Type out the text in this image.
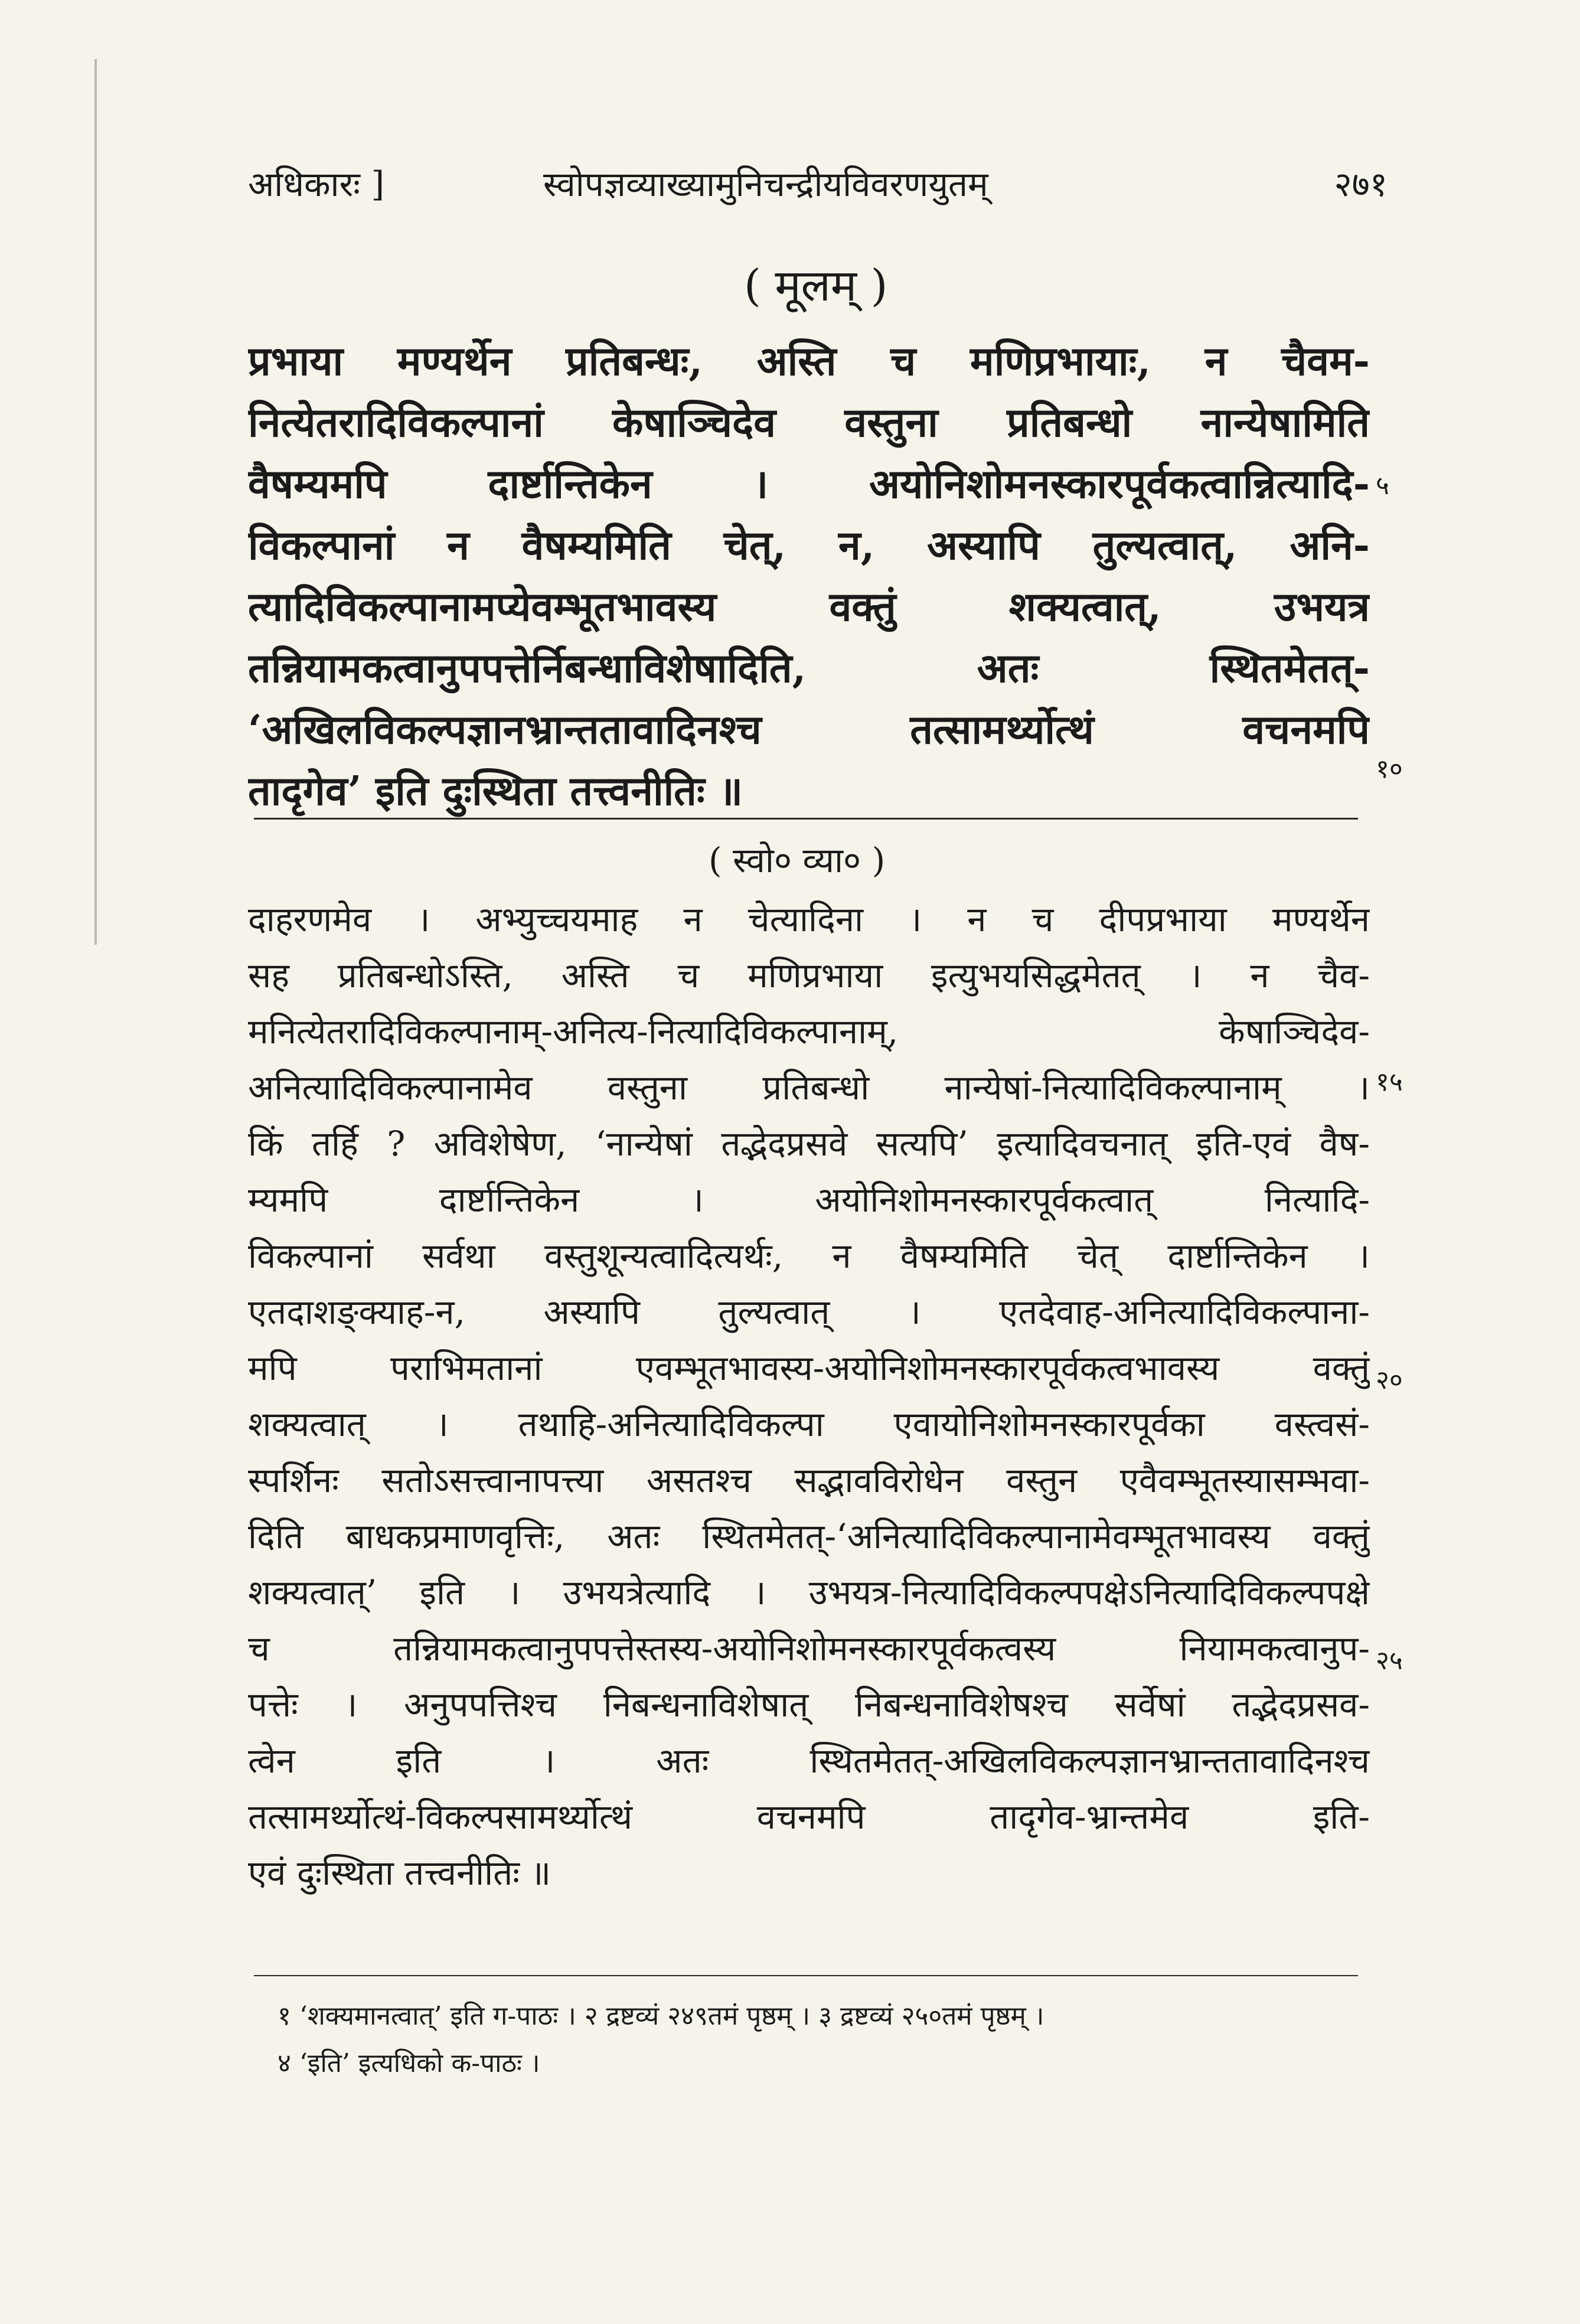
अधिकारः ]	स्वोपज्ञव्याख्यामुनिचन्द्रीयविवरणयुतम्	२७१
( मूलम् )
प्रभाया मण्यर्थेन प्रतिबन्धः, अस्ति च मणिप्रभायाः, न चैवम-
नित्येतरादिविकल्पानां केषाञ्चिदेव वस्तुना प्रतिबन्धो नान्येषामिति
वैषम्यमपि दार्ष्टान्तिकेन । अयोनिशोमनस्कारपूर्वकत्वान्नित्यादि-
विकल्पानां न वैषम्यमिति चेत्, न, अस्यापि तुल्यत्वात्, अनि-
त्यादिविकल्पानामप्येवम्भूतभावस्य वक्तुं शक्यत्वात्, उभयत्र
तन्नियामकत्वानुपपत्तेर्निबन्धाविशेषादिति, अतः स्थितमेतत्-
‘अखिलविकल्पज्ञानभ्रान्ततावादिनश्च तत्सामर्थ्योत्थं वचनमपि
तादृगेव’ इति दुःस्थिता तत्त्वनीतिः ॥
५
१०
( स्वो० व्या० )
दाहरणमेव । अभ्युच्चयमाह न चेत्यादिना । न च दीपप्रभाया मण्यर्थेन
सह प्रतिबन्धोऽस्ति, अस्ति च मणिप्रभाया इत्युभयसिद्धमेतत् । न चैव-
मनित्येतरादिविकल्पानाम्-अनित्य-नित्यादिविकल्पानाम्, केषाञ्चिदेव-
अनित्यादिविकल्पानामेव वस्तुना प्रतिबन्धो नान्येषां-नित्यादिविकल्पानाम् ।
किं तर्हि ? अविशेषेण, ‘नान्येषां तद्भेदप्रसवे सत्यपि’ इत्यादिवचनात् इति-एवं वैष-
म्यमपि दार्ष्टान्तिकेन । अयोनिशोमनस्कारपूर्वकत्वात् नित्यादि-
विकल्पानां सर्वथा वस्तुशून्यत्वादित्यर्थः, न वैषम्यमिति चेत् दार्ष्टान्तिकेन ।
एतदाशङ्क्याह-न, अस्यापि तुल्यत्वात् । एतदेवाह-अनित्यादिविकल्पाना-
मपि पराभिमतानां एवम्भूतभावस्य-अयोनिशोमनस्कारपूर्वकत्वभावस्य वक्तुं
शक्यत्वात् । तथाहि-अनित्यादिविकल्पा एवायोनिशोमनस्कारपूर्वका वस्त्वसं-
स्पर्शिनः सतोऽसत्त्वानापत्त्या असतश्च सद्भावविरोधेन वस्तुन एवैवम्भूतस्यासम्भवा-
दिति बाधकप्रमाणवृत्तिः, अतः स्थितमेतत्-‘अनित्यादिविकल्पानामेवम्भूतभावस्य वक्तुं
शक्यत्वात्’ इति । उभयत्रेत्यादि । उभयत्र-नित्यादिविकल्पपक्षेऽनित्यादिविकल्पपक्षे
च तन्नियामकत्वानुपपत्तेस्तस्य-अयोनिशोमनस्कारपूर्वकत्वस्य नियामकत्वानुप-
पत्तेः । अनुपपत्तिश्च निबन्धनाविशेषात् निबन्धनाविशेषश्च सर्वेषां तद्भेदप्रसव-
त्वेन इति । अतः स्थितमेतत्-अखिलविकल्पज्ञानभ्रान्ततावादिनश्च
तत्सामर्थ्योत्थं-विकल्पसामर्थ्योत्थं वचनमपि तादृगेव-भ्रान्तमेव इति-
एवं दुःस्थिता तत्त्वनीतिः ॥
१५
२०
२५
१ ‘शक्यमानत्वात्’ इति ग-पाठः । २ द्रष्टव्यं २४९तमं पृष्ठम् । ३ द्रष्टव्यं २५०तमं पृष्ठम् ।
४ ‘इति’ इत्यधिको क-पाठः ।
